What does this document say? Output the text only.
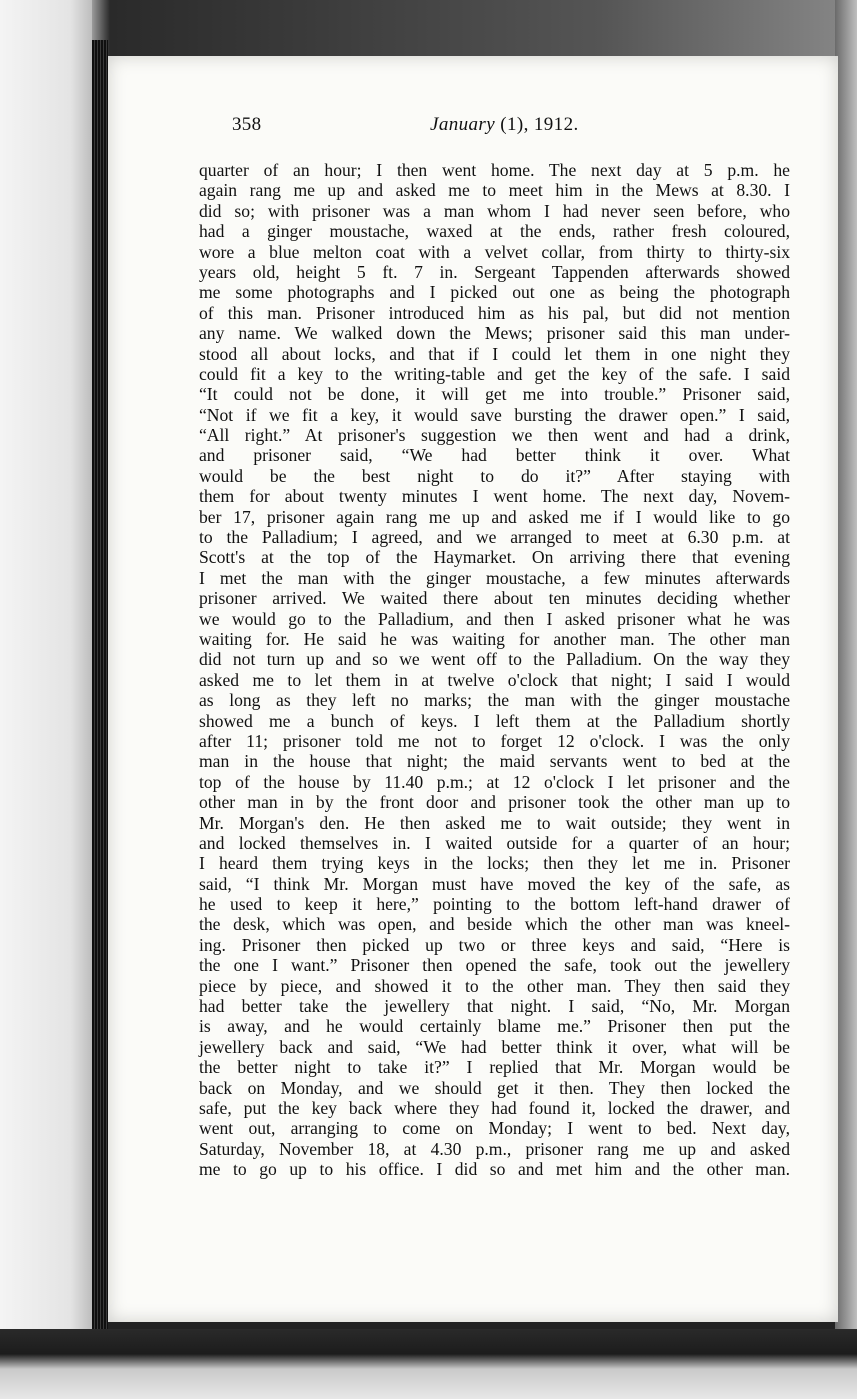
358	January (1), 1912.
quarter of an hour; I then went home. The next day at 5 p.m. he
again rang me up and asked me to meet him in the Mews at 8.30. I
did so; with prisoner was a man whom I had never seen before, who
had a ginger moustache, waxed at the ends, rather fresh coloured,
wore a blue melton coat with a velvet collar, from thirty to thirty-six
years old, height 5 ft. 7 in. Sergeant Tappenden afterwards showed
me some photographs and I picked out one as being the photograph
of this man. Prisoner introduced him as his pal, but did not mention
any name. We walked down the Mews; prisoner said this man under-
stood all about locks, and that if I could let them in one night they
could fit a key to the writing-table and get the key of the safe. I said
“It could not be done, it will get me into trouble.” Prisoner said,
“Not if we fit a key, it would save bursting the drawer open.” I said,
“All right.” At prisoner's suggestion we then went and had a drink,
and prisoner said, “We had better think it over. What
would be the best night to do it?” After staying with
them for about twenty minutes I went home. The next day, Novem-
ber 17, prisoner again rang me up and asked me if I would like to go
to the Palladium; I agreed, and we arranged to meet at 6.30 p.m. at
Scott's at the top of the Haymarket. On arriving there that evening
I met the man with the ginger moustache, a few minutes afterwards
prisoner arrived. We waited there about ten minutes deciding whether
we would go to the Palladium, and then I asked prisoner what he was
waiting for. He said he was waiting for another man. The other man
did not turn up and so we went off to the Palladium. On the way they
asked me to let them in at twelve o'clock that night; I said I would
as long as they left no marks; the man with the ginger moustache
showed me a bunch of keys. I left them at the Palladium shortly
after 11; prisoner told me not to forget 12 o'clock. I was the only
man in the house that night; the maid servants went to bed at the
top of the house by 11.40 p.m.; at 12 o'clock I let prisoner and the
other man in by the front door and prisoner took the other man up to
Mr. Morgan's den. He then asked me to wait outside; they went in
and locked themselves in. I waited outside for a quarter of an hour;
I heard them trying keys in the locks; then they let me in. Prisoner
said, “I think Mr. Morgan must have moved the key of the safe, as
he used to keep it here,” pointing to the bottom left-hand drawer of
the desk, which was open, and beside which the other man was kneel-
ing. Prisoner then picked up two or three keys and said, “Here is
the one I want.” Prisoner then opened the safe, took out the jewellery
piece by piece, and showed it to the other man. They then said they
had better take the jewellery that night. I said, “No, Mr. Morgan
is away, and he would certainly blame me.” Prisoner then put the
jewellery back and said, “We had better think it over, what will be
the better night to take it?” I replied that Mr. Morgan would be
back on Monday, and we should get it then. They then locked the
safe, put the key back where they had found it, locked the drawer, and
went out, arranging to come on Monday; I went to bed. Next day,
Saturday, November 18, at 4.30 p.m., prisoner rang me up and asked
me to go up to his office. I did so and met him and the other man.
